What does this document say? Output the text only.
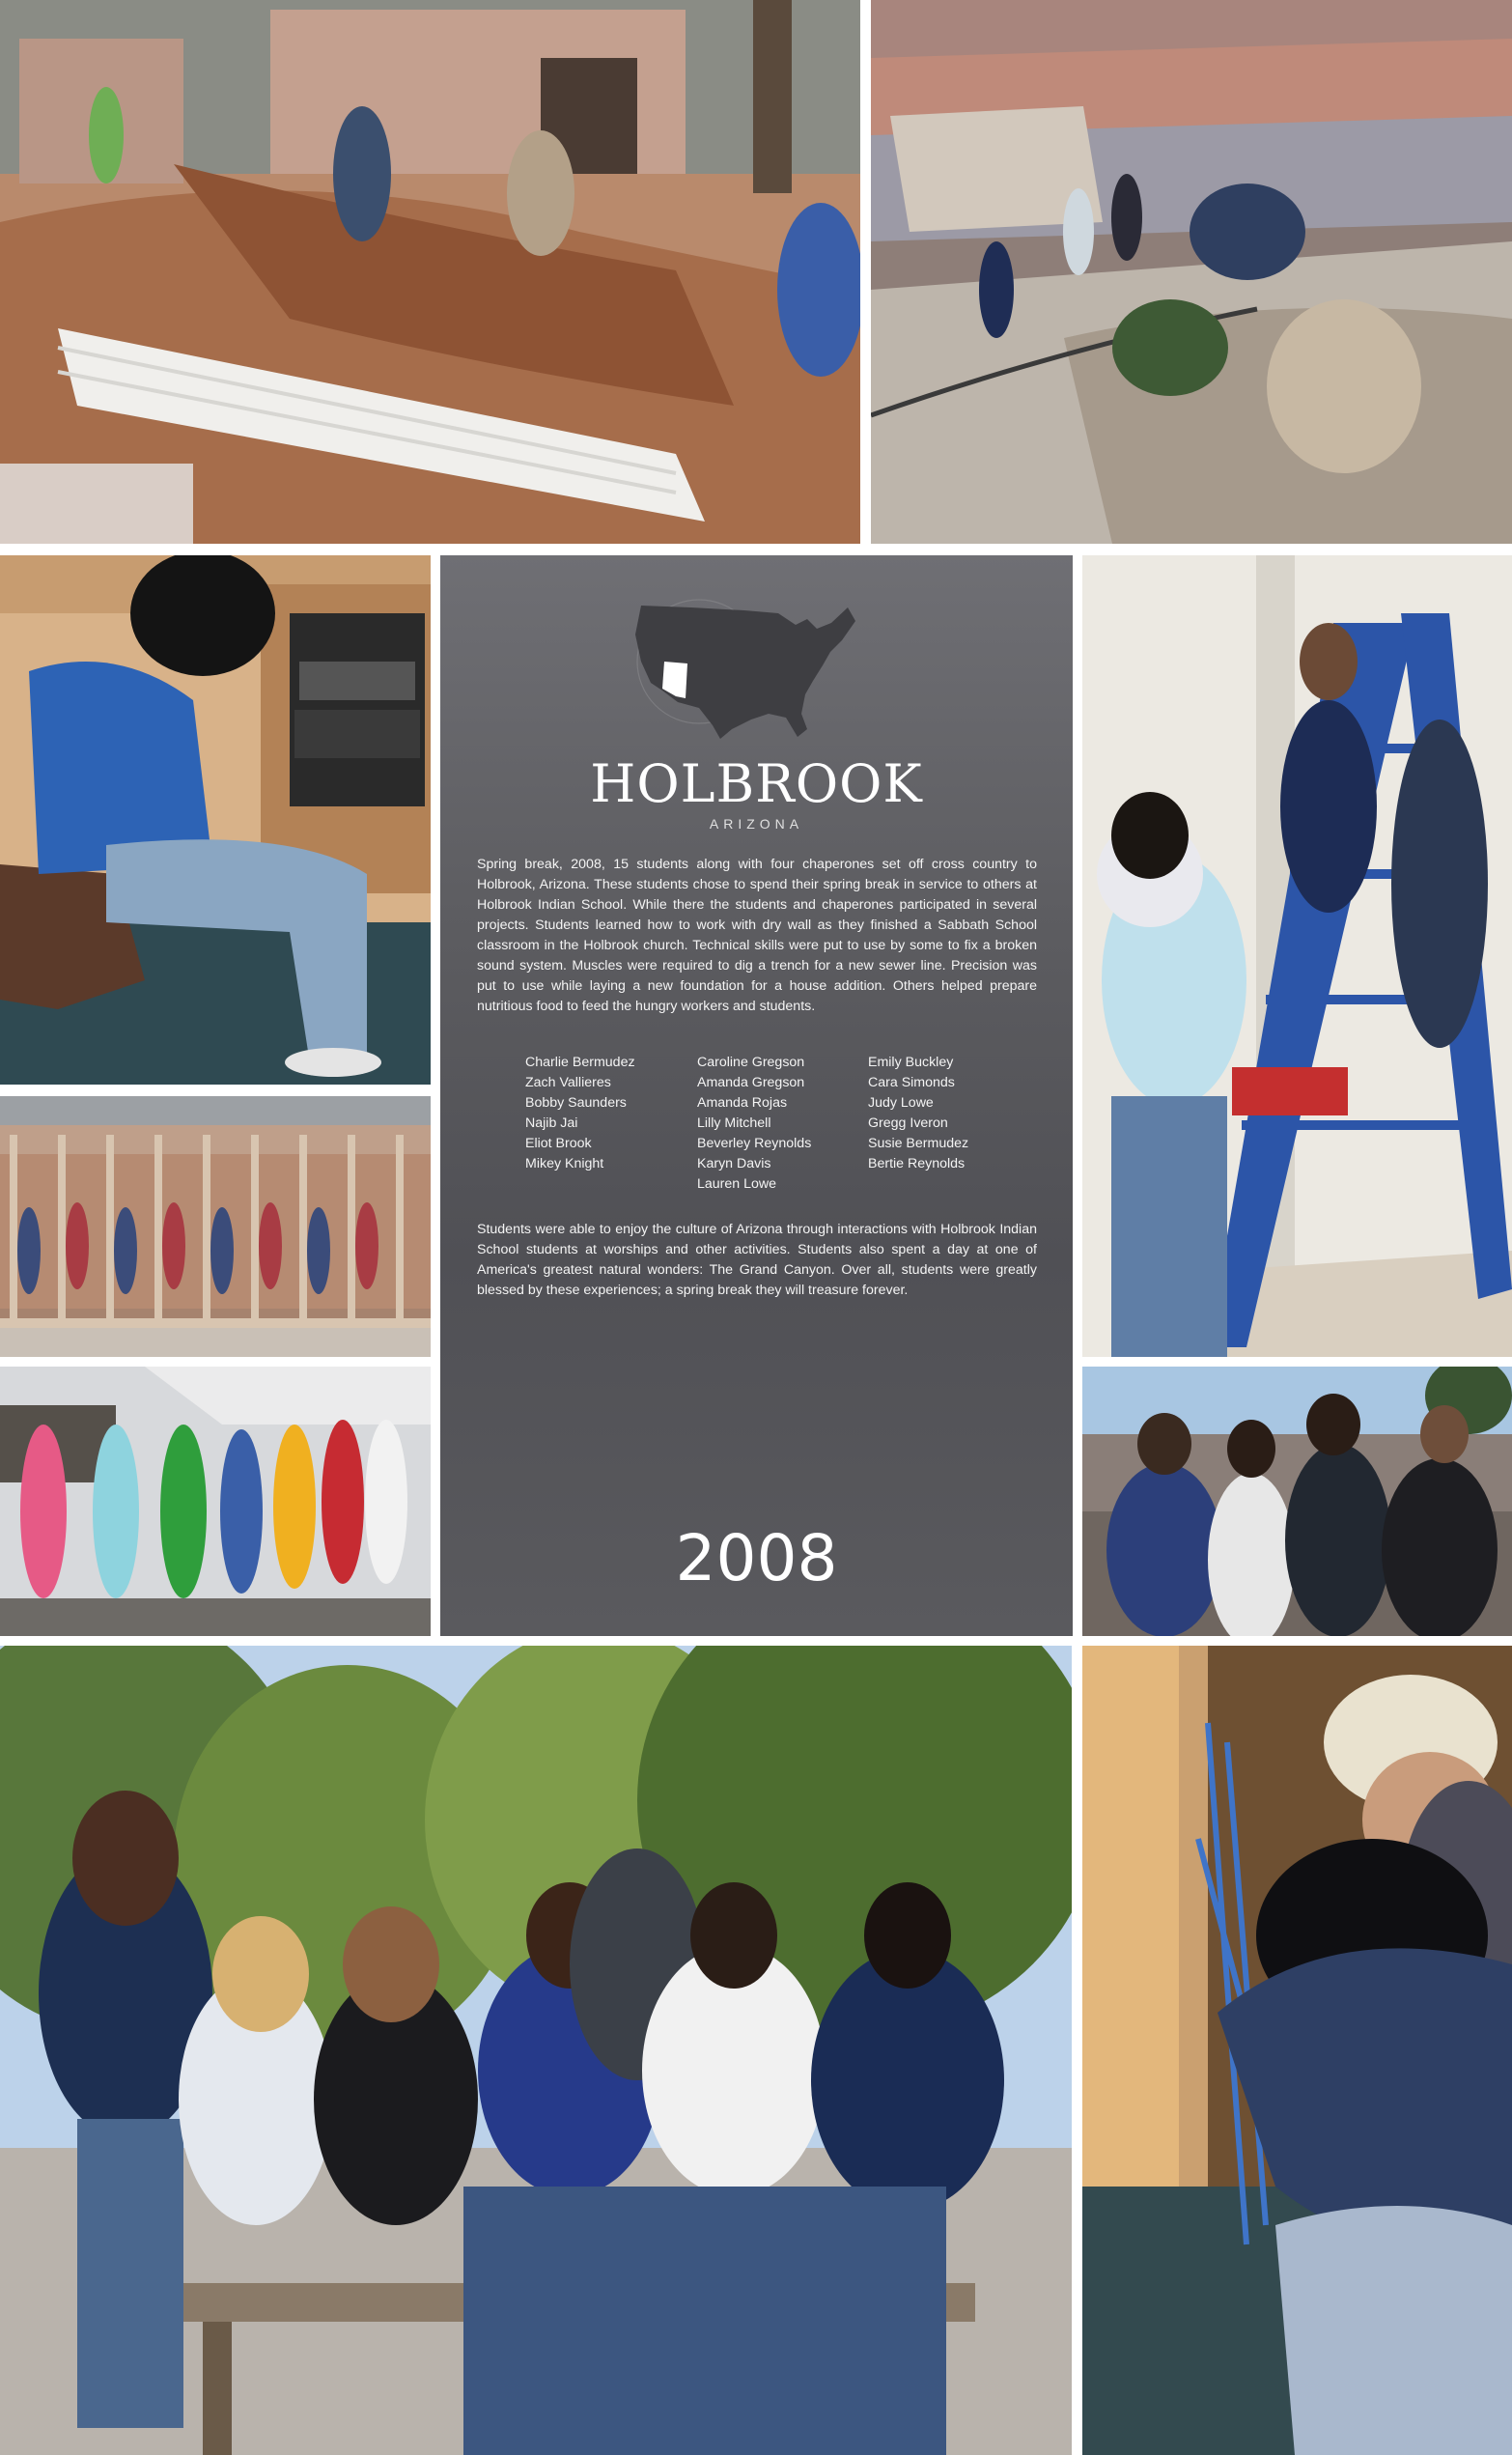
HOLBROOK
ARIZONA
Spring break, 2008, 15 students along with four chaperones set off cross country to Holbrook, Arizona. These students chose to spend their spring break in service to others at Holbrook Indian School. While there the students and chaperones participated in several projects. Students learned how to work with dry wall as they finished a Sabbath School classroom in the Holbrook church. Technical skills were put to use by some to fix a broken sound system. Muscles were required to dig a trench for a new sewer line. Precision was put to use while laying a new foundation for a house addition. Others helped prepare nutritious food to feed the hungry workers and students.
Charlie Bermudez
Zach Vallieres
Bobby Saunders
Najib Jai
Eliot Brook
Mikey Knight
Caroline Gregson
Amanda Gregson
Amanda Rojas
Lilly Mitchell
Beverley Reynolds
Karyn Davis
Lauren Lowe
Emily Buckley
Cara Simonds
Judy Lowe
Gregg Iveron
Susie Bermudez
Bertie Reynolds
Students were able to enjoy the culture of Arizona through interactions with Holbrook Indian School students at worships and other activities. Students also spent a day at one of America's greatest natural wonders: The Grand Canyon. Over all, students were greatly blessed by these experiences; a spring break they will treasure forever.
2008
